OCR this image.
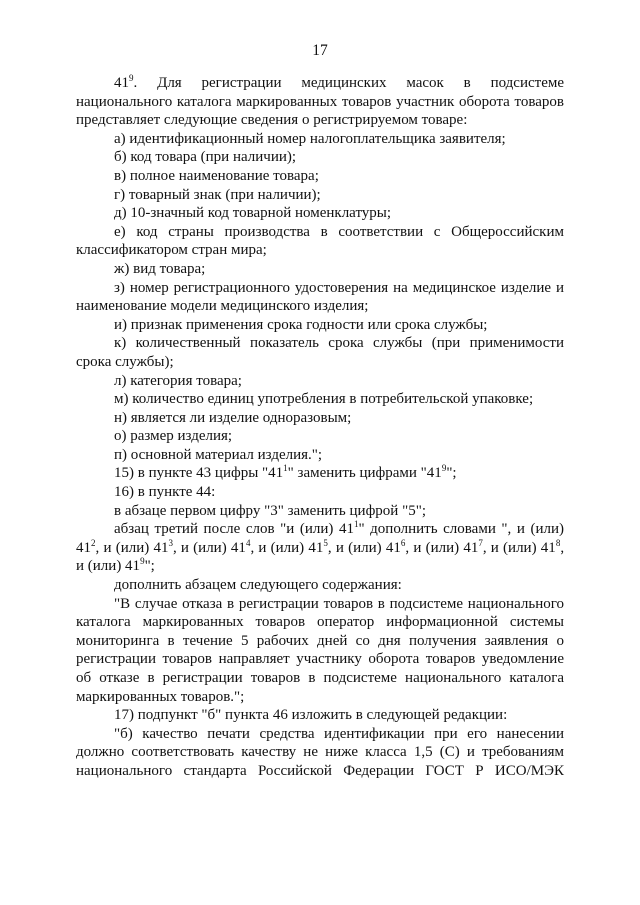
17

$41^9$. Для регистрации медицинских масок в подсистеме национального каталога маркированных товаров участник оборота товаров представляет следующие сведения о регистрируемом товаре:

а) идентификационный номер налогоплательщика заявителя;

б) код товара (при наличии);

в) полное наименование товара;

г) товарный знак (при наличии);

д) 10-значный код товарной номенклатуры;

е) код страны производства в соответствии с Общероссийским классификатором стран мира;

ж) вид товара;

з) номер регистрационного удостоверения на медицинское изделие и наименование модели медицинского изделия;

и) признак применения срока годности или срока службы;

к) количественный показатель срока службы (при применимости срока службы);

л) категория товара;

м) количество единиц употребления в потребительской упаковке;

н) является ли изделие одноразовым;

о) размер изделия;

п) основной материал изделия.";

15) в пункте 43 цифры "$41^1$" заменить цифрами "$41^9$";

16) в пункте 44:

в абзаце первом цифру "3" заменить цифрой "5";

абзац третий после слов "и (или) $41^1$" дополнить словами ", и (или) $41^2$, и (или) $41^3$, и (или) $41^4$, и (или) $41^5$, и (или) $41^6$, и (или) $41^7$, и (или) $41^8$, и (или) $41^9$";

дополнить абзацем следующего содержания:

"В случае отказа в регистрации товаров в подсистеме национального каталога маркированных товаров оператор информационной системы мониторинга в течение 5 рабочих дней со дня получения заявления о регистрации товаров направляет участнику оборота товаров уведомление об отказе в регистрации товаров в подсистеме национального каталога маркированных товаров.";

17) подпункт "б" пункта 46 изложить в следующей редакции:

"б) качество печати средства идентификации при его нанесении должно соответствовать качеству не ниже класса 1,5 (C) и требованиям национального стандарта Российской Федерации ГОСТ Р ИСО/МЭК
